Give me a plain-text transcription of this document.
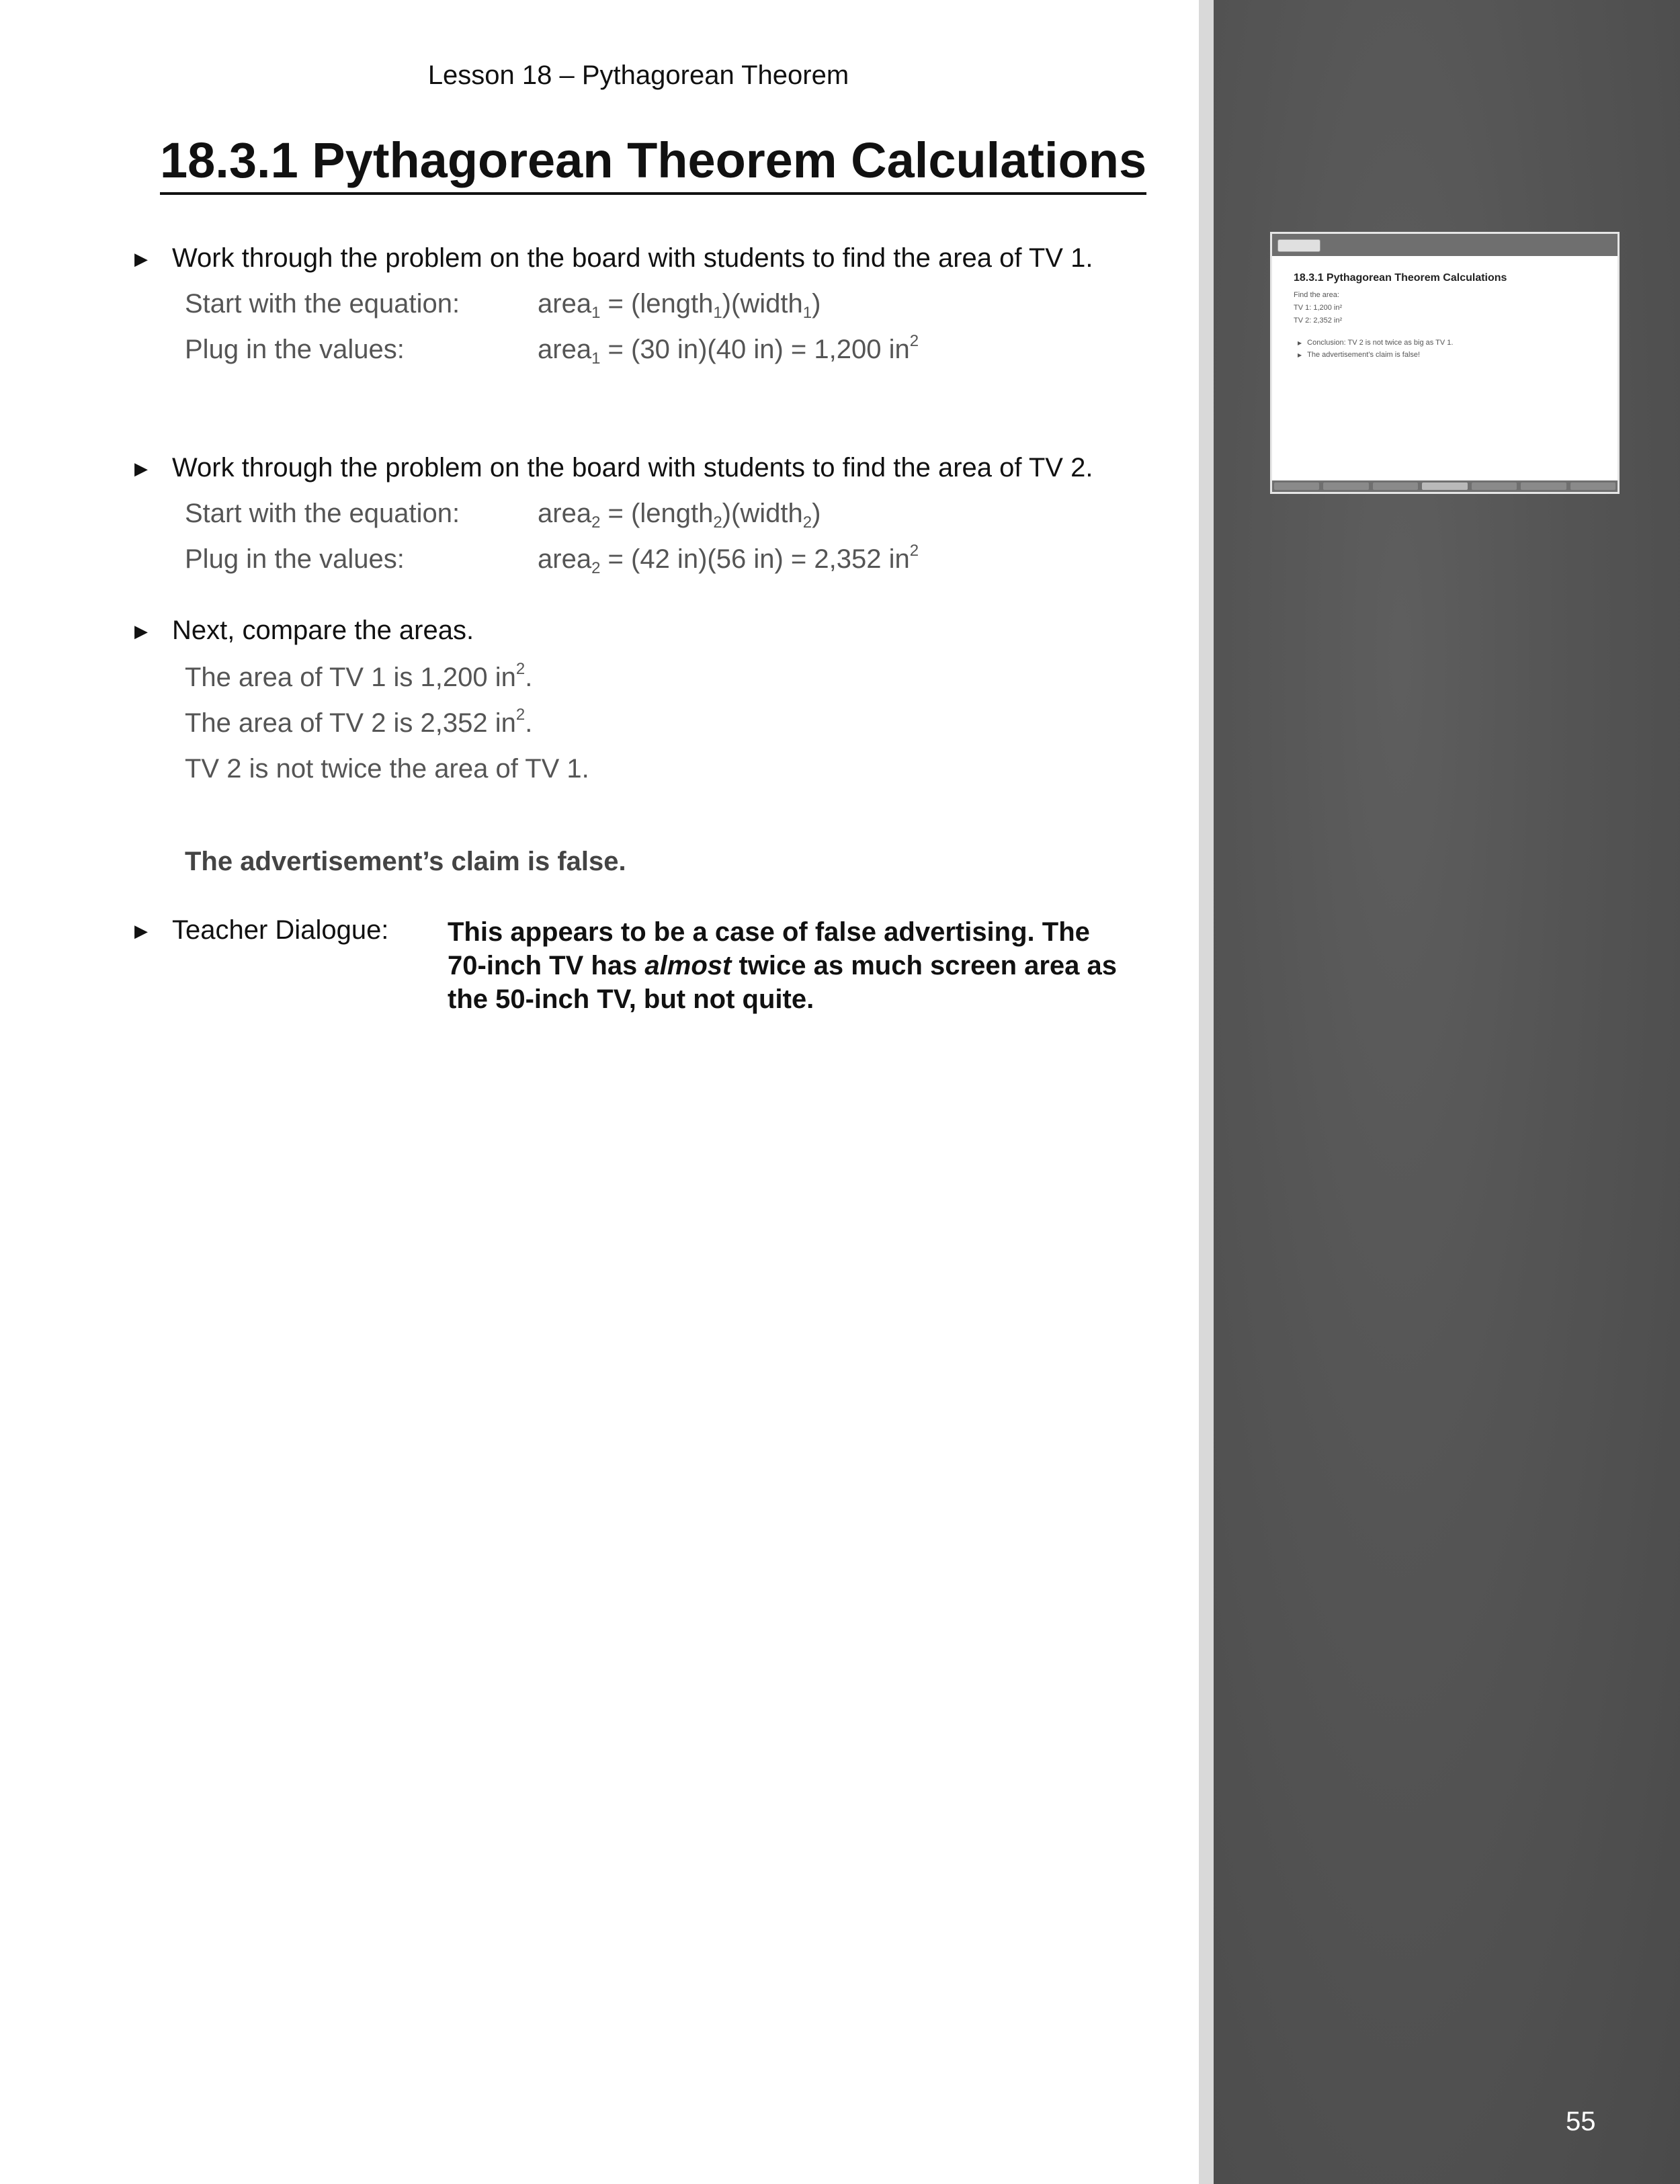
18.3.1 Pythagorean Theorem Calculations
Find the area:
TV 1: 1,200 in²
TV 2: 2,352 in²
▶ Conclusion: TV 2 is not twice as big as TV 1.
▶ The advertisement’s claim is false!
55
Lesson 18 – Pythagorean Theorem
18.3.1 Pythagorean Theorem Calculations
▶ Work through the problem on the board with students to find the area of TV 1.
Start with the equation:	area$_1$ = (length$_1$)(width$_1$)
Plug in the values:	area$_1$ = (30 in)(40 in) = 1,200 $in^2$
▶ Work through the problem on the board with students to find the area of TV 2.
Start with the equation:	area$_2$ = (length$_2$)(width$_2$)
Plug in the values:	area$_2$ = (42 in)(56 in) = 2,352 $in^2$
▶ Next, compare the areas.
The area of TV 1 is 1,200 $in^2$.
The area of TV 2 is 2,352 $in^2$.
TV 2 is not twice the area of TV 1.
The advertisement’s claim is false.
▶ Teacher Dialogue: This appears to be a case of false advertising. The 70-inch TV has almost twice as much screen area as the 50-inch TV, but not quite.
